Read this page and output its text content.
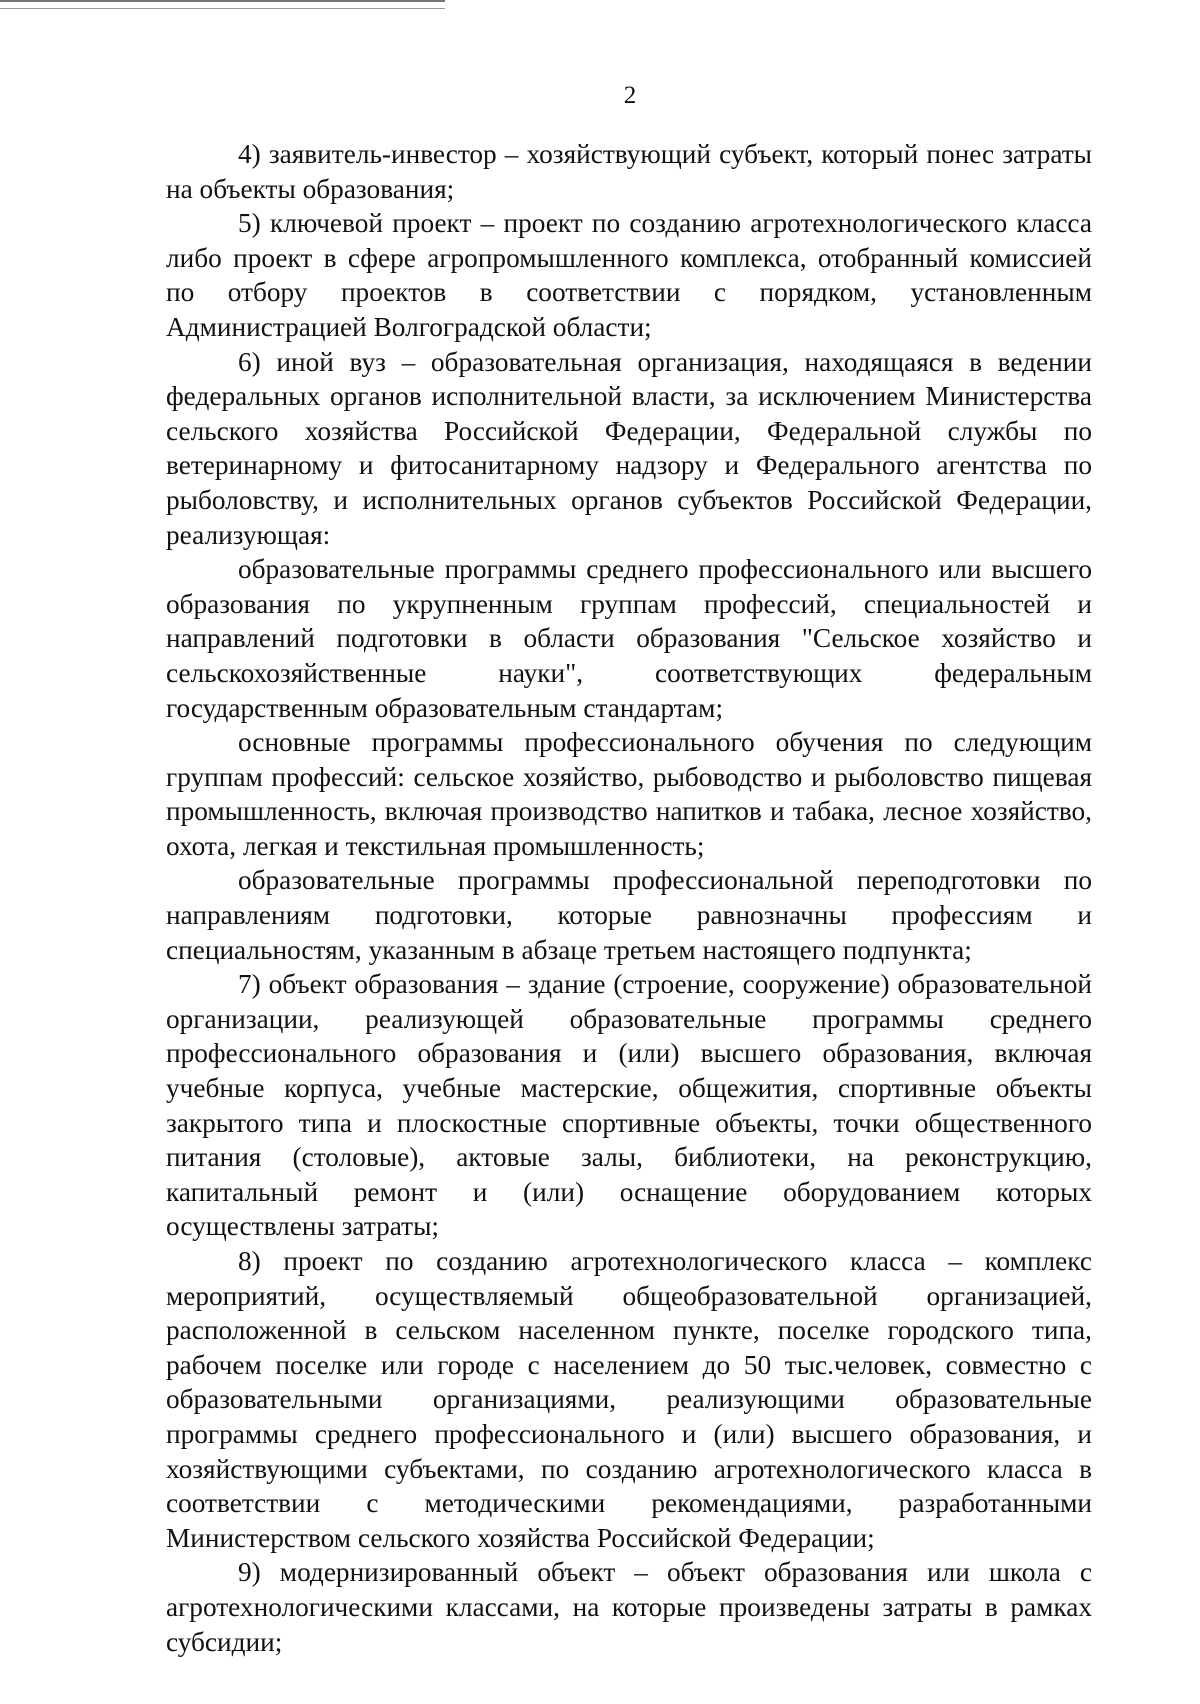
2

4) заявитель-инвестор – хозяйствующий субъект, который понес затраты на объекты образования;

5) ключевой проект – проект по созданию агротехнологического класса либо проект в сфере агропромышленного комплекса, отобранный комиссией по отбору проектов в соответствии с порядком, установленным Администрацией Волгоградской области;

6) иной вуз – образовательная организация, находящаяся в ведении федеральных органов исполнительной власти, за исключением Министерства сельского хозяйства Российской Федерации, Федеральной службы по ветеринарному и фитосанитарному надзору и Федерального агентства по рыболовству, и исполнительных органов субъектов Российской Федерации, реализующая:

образовательные программы среднего профессионального или высшего образования по укрупненным группам профессий, специальностей и направлений подготовки в области образования "Сельское хозяйство и сельскохозяйственные науки", соответствующих федеральным государственным образовательным стандартам;

основные программы профессионального обучения по следующим группам профессий: сельское хозяйство, рыбоводство и рыболовство пищевая промышленность, включая производство напитков и табака, лесное хозяйство, охота, легкая и текстильная промышленность;

образовательные программы профессиональной переподготовки по направлениям подготовки, которые равнозначны профессиям и специальностям, указанным в абзаце третьем настоящего подпункта;

7) объект образования – здание (строение, сооружение) образовательной организации, реализующей образовательные программы среднего профессионального образования и (или) высшего образования, включая учебные корпуса, учебные мастерские, общежития, спортивные объекты закрытого типа и плоскостные спортивные объекты, точки общественного питания (столовые), актовые залы, библиотеки, на реконструкцию, капитальный ремонт и (или) оснащение оборудованием которых осуществлены затраты;

8) проект по созданию агротехнологического класса – комплекс мероприятий, осуществляемый общеобразовательной организацией, расположенной в сельском населенном пункте, поселке городского типа, рабочем поселке или городе с населением до 50 тыс.человек, совместно с образовательными организациями, реализующими образовательные программы среднего профессионального и (или) высшего образования, и хозяйствующими субъектами, по созданию агротехнологического класса в соответствии с методическими рекомендациями, разработанными Министерством сельского хозяйства Российской Федерации;

9) модернизированный объект – объект образования или школа с агротехнологическими классами, на которые произведены затраты в рамках субсидии;
